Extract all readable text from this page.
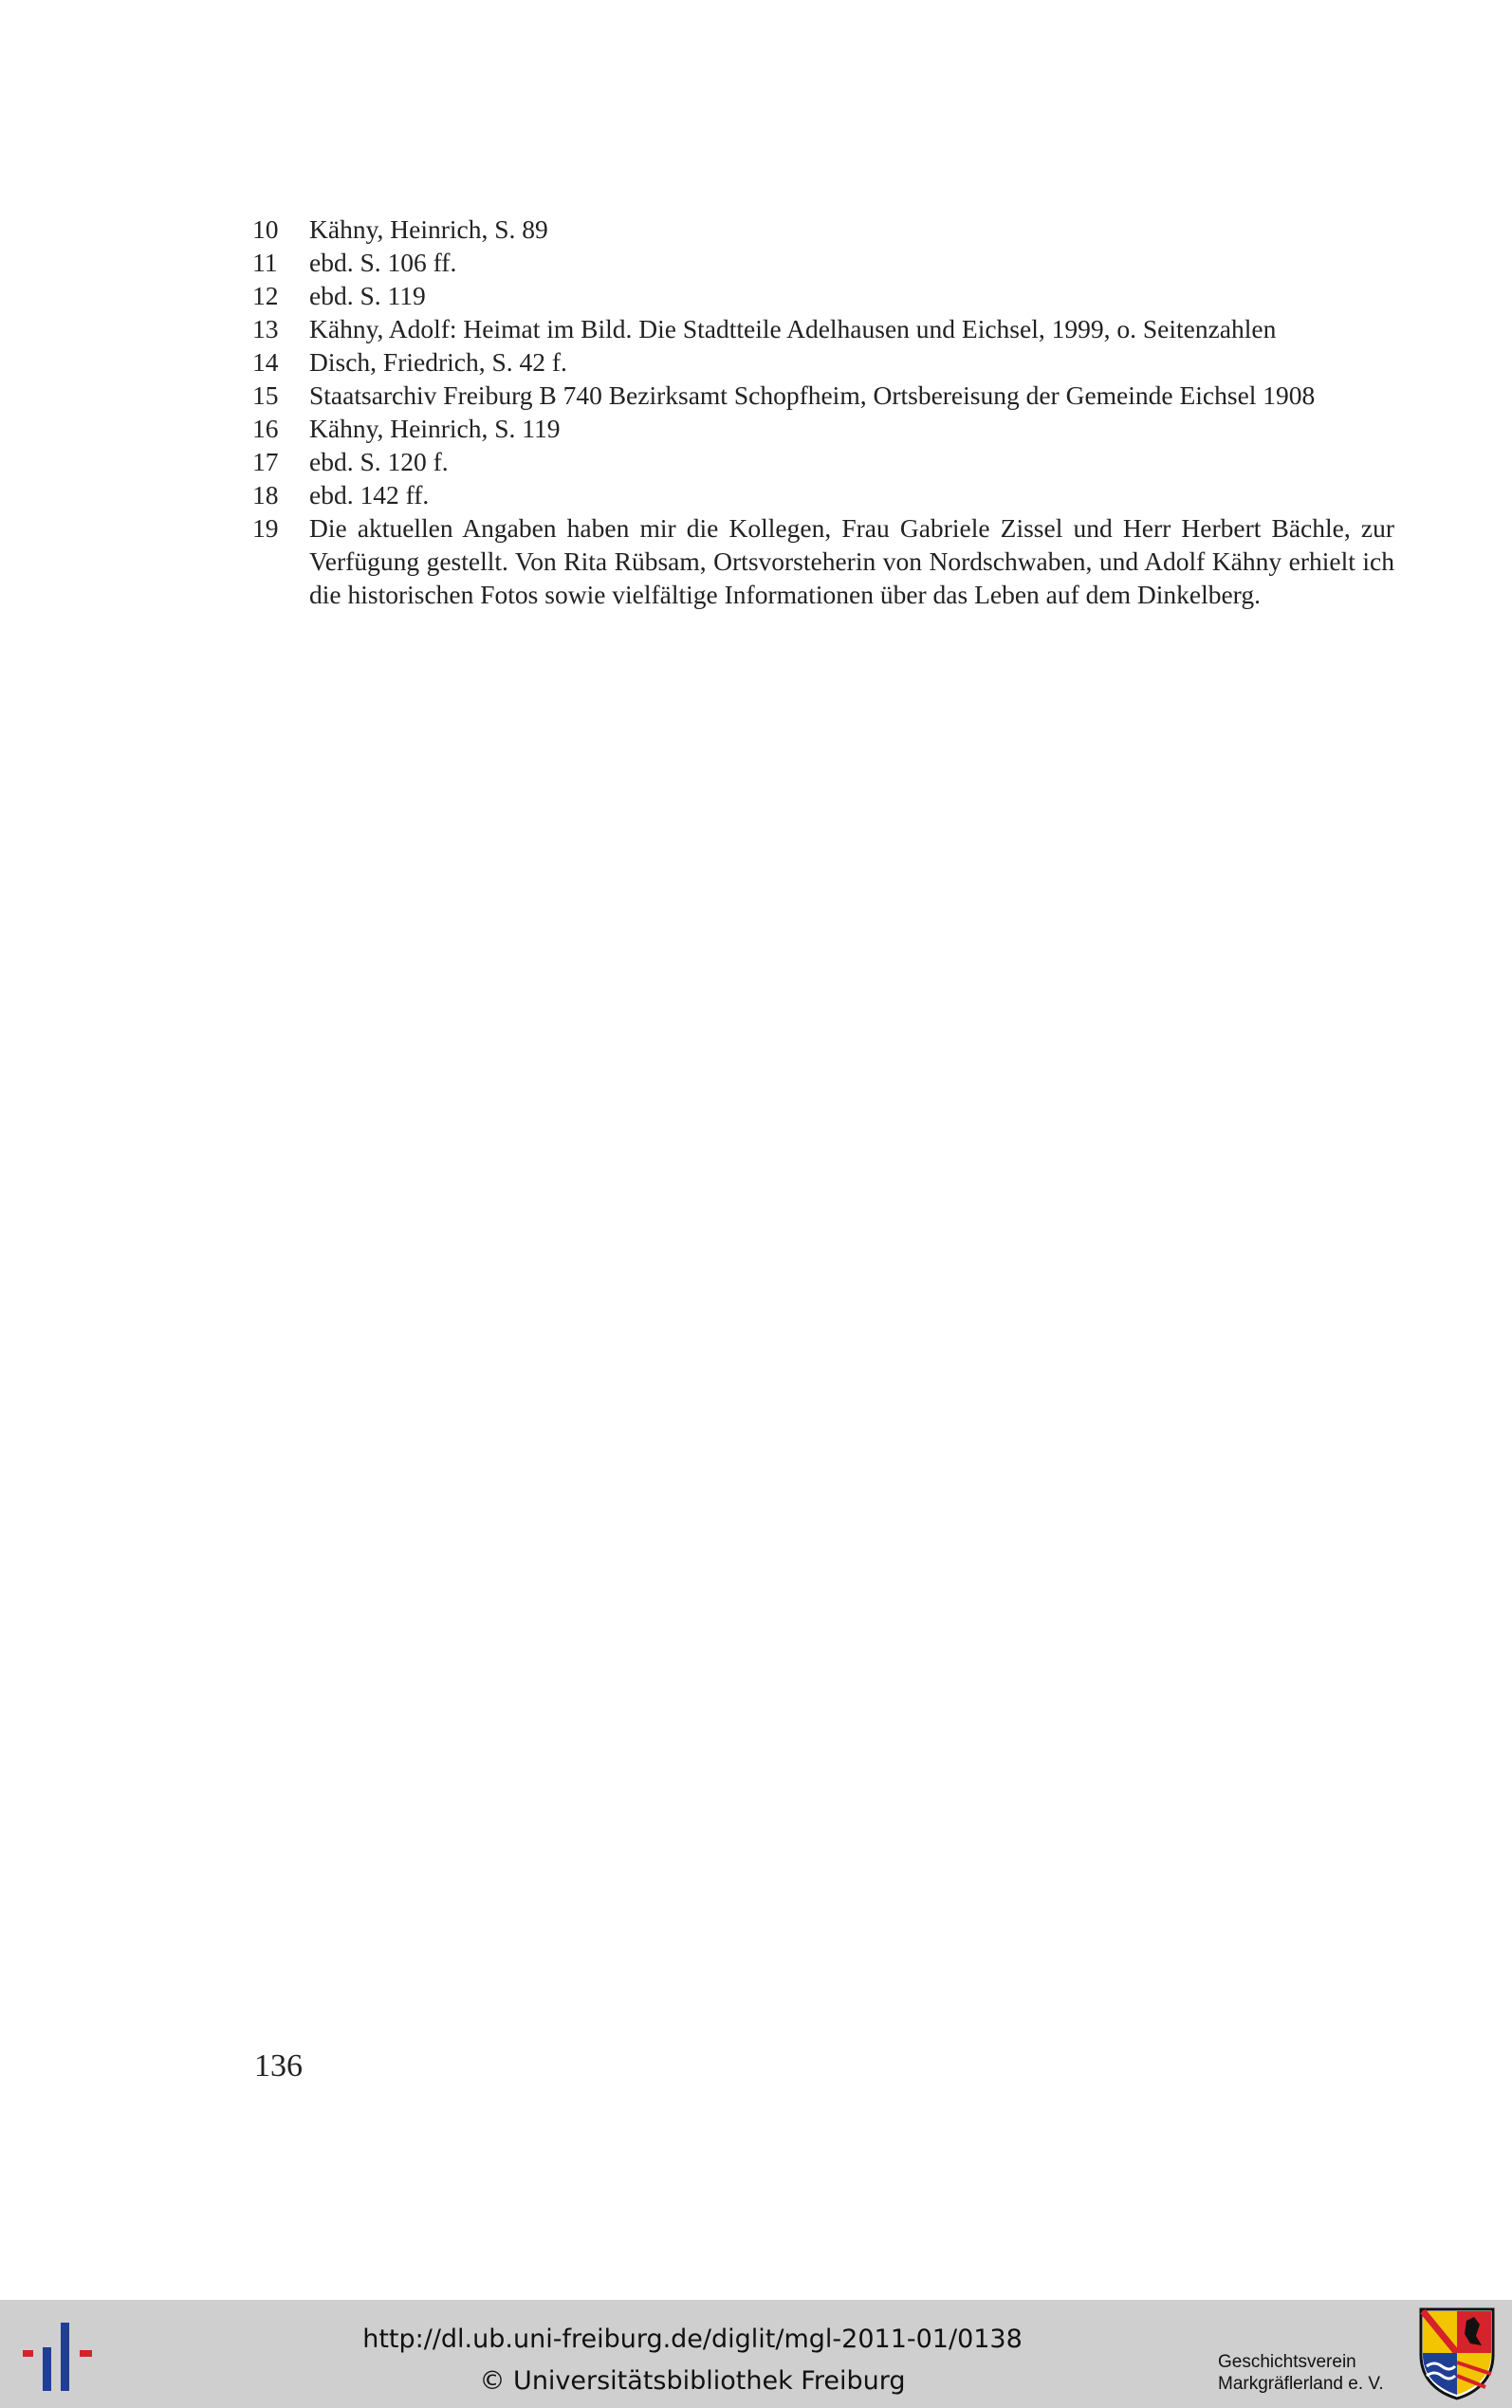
10	Kähny, Heinrich, S. 89
11	ebd. S. 106 ff.
12	ebd. S. 119
13	Kähny, Adolf: Heimat im Bild. Die Stadtteile Adelhausen und Eichsel, 1999, o. Seitenzahlen
14	Disch, Friedrich, S. 42 f.
15	Staatsarchiv Freiburg B 740 Bezirksamt Schopfheim, Ortsbereisung der Gemeinde Eichsel 1908
16	Kähny, Heinrich, S. 119
17	ebd. S. 120 f.
18	ebd. 142 ff.
19	Die aktuellen Angaben haben mir die Kollegen, Frau Gabriele Zissel und Herr Herbert Bächle, zur Verfügung gestellt. Von Rita Rübsam, Ortsvorsteherin von Nordschwaben, und Adolf Kähny erhielt ich die historischen Fotos sowie vielfältige Informationen über das Leben auf dem Dinkelberg.
136
http://dl.ub.uni-freiburg.de/diglit/mgl-2011-01/0138
© Universitätsbibliothek Freiburg
Geschichtsverein
Markgräflerland e. V.
